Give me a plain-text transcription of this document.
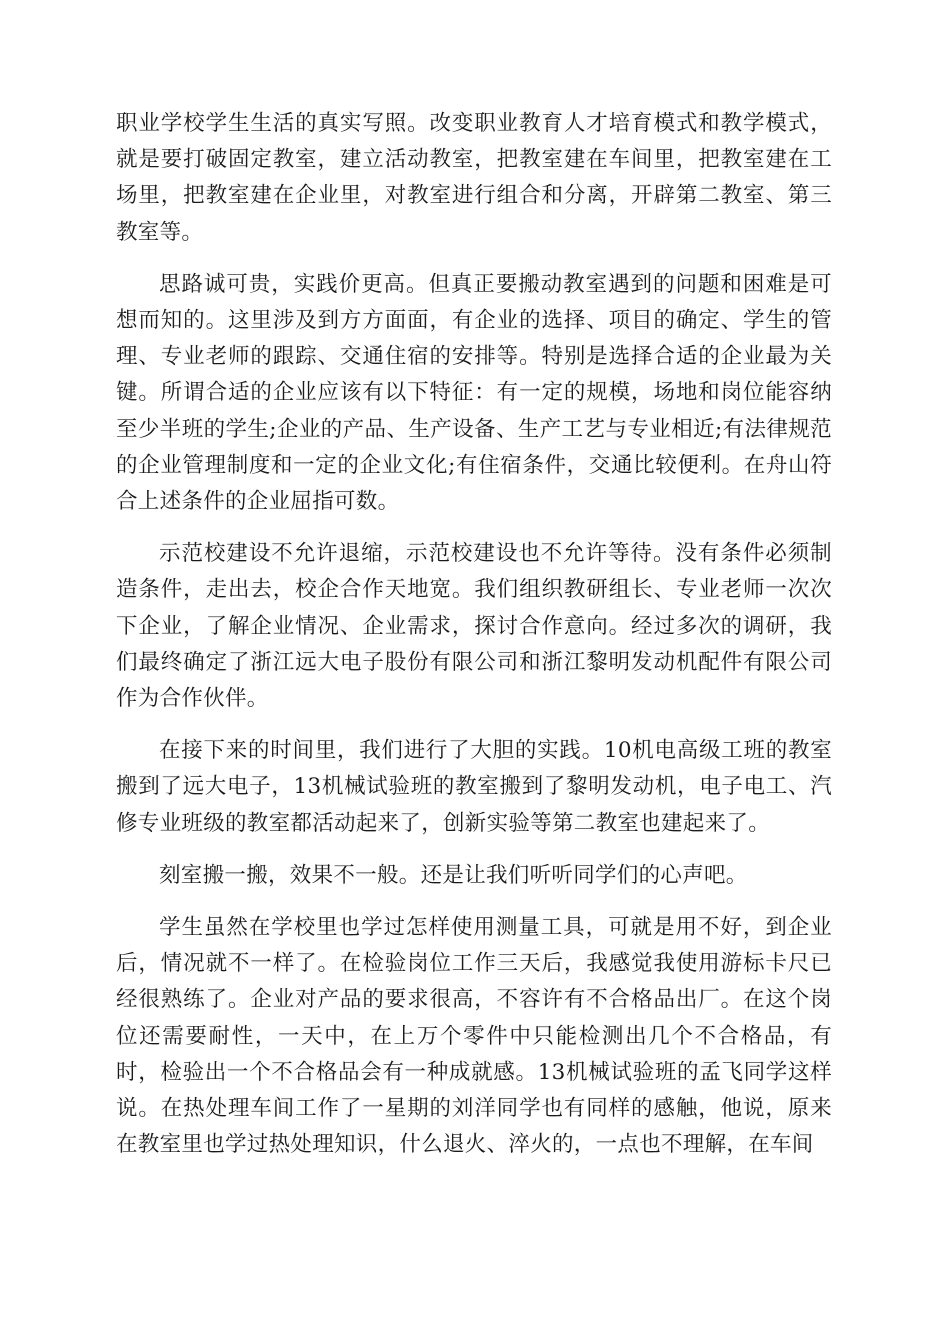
职业学校学生生活的真实写照。改变职业教育人才培育模式和教学模式，就是要打破固定教室，建立活动教室，把教室建在车间里，把教室建在工场里，把教室建在企业里，对教室进行组合和分离，开辟第二教室、第三教室等。

思路诚可贵，实践价更高。但真正要搬动教室遇到的问题和困难是可想而知的。这里涉及到方方面面，有企业的选择、项目的确定、学生的管理、专业老师的跟踪、交通住宿的安排等。特别是选择合适的企业最为关键。所谓合适的企业应该有以下特征：有一定的规模，场地和岗位能容纳至少半班的学生;企业的产品、生产设备、生产工艺与专业相近;有法律规范的企业管理制度和一定的企业文化;有住宿条件，交通比较便利。在舟山符合上述条件的企业屈指可数。

示范校建设不允许退缩，示范校建设也不允许等待。没有条件必须制造条件，走出去，校企合作天地宽。我们组织教研组长、专业老师一次次下企业，了解企业情况、企业需求，探讨合作意向。经过多次的调研，我们最终确定了浙江远大电子股份有限公司和浙江黎明发动机配件有限公司作为合作伙伴。

在接下来的时间里，我们进行了大胆的实践。10机电高级工班的教室搬到了远大电子，13机械试验班的教室搬到了黎明发动机，电子电工、汽修专业班级的教室都活动起来了，创新实验等第二教室也建起来了。

刻室搬一搬，效果不一般。还是让我们听听同学们的心声吧。

学生虽然在学校里也学过怎样使用测量工具，可就是用不好，到企业后，情况就不一样了。在检验岗位工作三天后，我感觉我使用游标卡尺已经很熟练了。企业对产品的要求很高，不容许有不合格品出厂。在这个岗位还需要耐性，一天中，在上万个零件中只能检测出几个不合格品，有时，检验出一个不合格品会有一种成就感。13机械试验班的孟飞同学这样说。在热处理车间工作了一星期的刘洋同学也有同样的感触，他说，原来在教室里也学过热处理知识，什么退火、淬火的，一点也不理解，在车间
